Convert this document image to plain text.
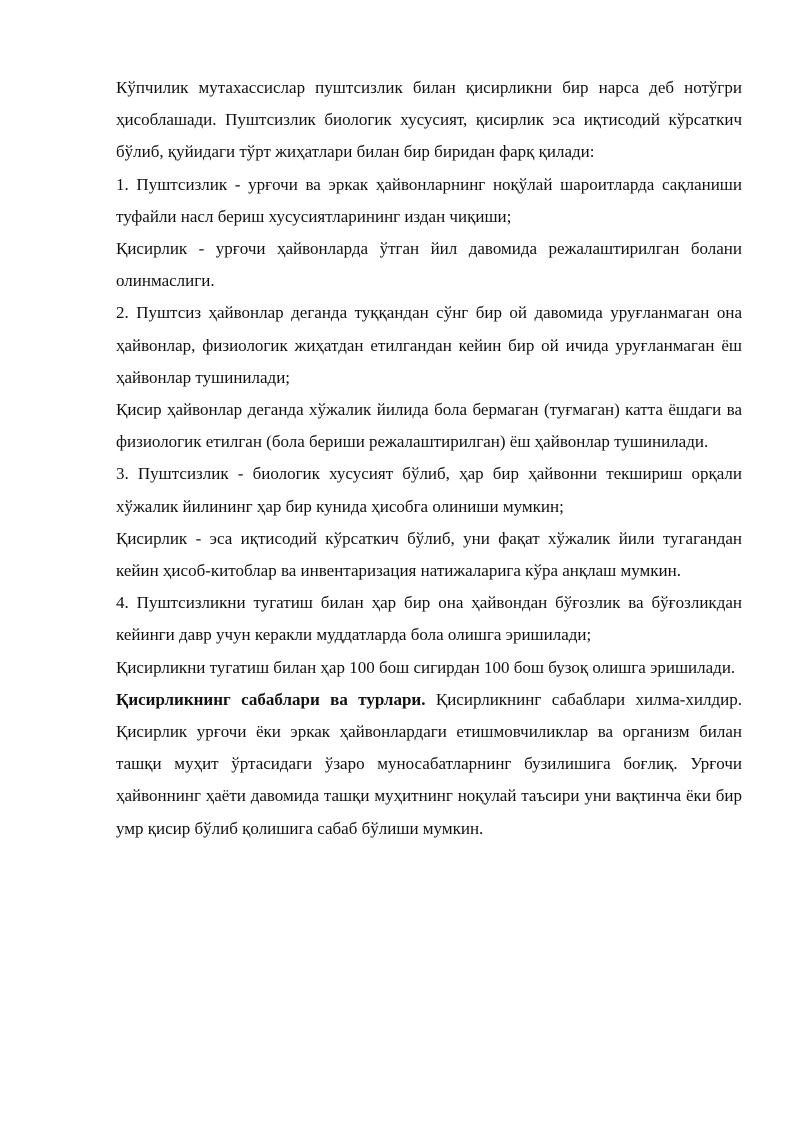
Кўпчилик мутахассислар пуштсизлик билан қисирликни бир нарса деб нотўгри ҳисоблашади. Пуштсизлик биологик хусусият, қисирлик эса иқтисодий кўрсаткич бўлиб, қуйидаги тўрт жиҳатлари билан бир биридан фарқ қилади:

1. Пуштсизлик - урғочи ва эркак ҳайвонларнинг ноқўлай шароитларда сақланиши туфайли насл бериш хусусиятларининг издан чиқиши;

Қисирлик - урғочи ҳайвонларда ўтган йил давомида режалаштирилган болани олинмаслиги.

2. Пуштсиз ҳайвонлар деганда туққандан сўнг бир ой давомида уруғланмаган она ҳайвонлар, физиологик жиҳатдан етилгандан кейин бир ой ичида уруғланмаган ёш ҳайвонлар тушинилади;

Қисир ҳайвонлар деганда хўжалик йилида бола бермаган (туғмаган) катта ёшдаги ва физиологик етилган (бола бериши режалаштирилган) ёш ҳайвонлар тушинилади.

3. Пуштсизлик - биологик хусусият бўлиб, ҳар бир ҳайвонни текшириш орқали хўжалик йилининг ҳар бир кунида ҳисобга олиниши мумкин;

Қисирлик - эса иқтисодий кўрсаткич бўлиб, уни фақат хўжалик йили тугагандан кейин ҳисоб-китоблар ва инвентаризация натижаларига кўра анқлаш мумкин.

4. Пуштсизликни тугатиш билан ҳар бир она ҳайвондан бўғозлик ва бўғозликдан кейинги давр учун керакли муддатларда бола олишга эришилади;

Қисирликни тугатиш билан ҳар 100 бош сигирдан 100 бош бузоқ олишга эришилади.

Қисирликнинг сабаблари ва турлари. Қисирликнинг сабаблари хилма-хилдир. Қисирлик урғочи ёки эркак ҳайвонлардаги етишмовчиликлар ва организм билан ташқи муҳит ўртасидаги ўзаро муносабатларнинг бузилишига боғлиқ. Урғочи ҳайвоннинг ҳаёти давомида ташқи муҳитнинг ноқулай таъсири уни вақтинча ёки бир умр қисир бўлиб қолишига сабаб бўлиши мумкин.
